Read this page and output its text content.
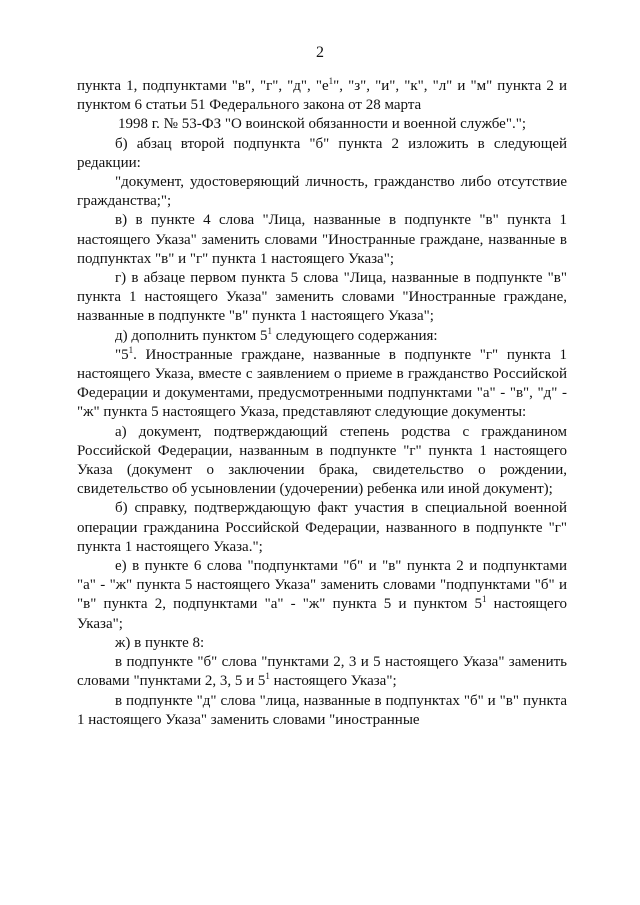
2

пункта 1, подпунктами "в", "г", "д", "$е^1$", "з", "и", "к", "л" и "м" пункта 2 и пунктом 6 статьи 51 Федерального закона от 28 марта

1998 г. № 53-ФЗ "О воинской обязанности и военной службе".";

б) абзац второй подпункта "б" пункта 2 изложить в следующей редакции:

"документ, удостоверяющий личность, гражданство либо отсутствие гражданства;";

в) в пункте 4 слова "Лица, названные в подпункте "в" пункта 1 настоящего Указа" заменить словами "Иностранные граждане, названные в подпунктах "в" и "г" пункта 1 настоящего Указа";

г) в абзаце первом пункта 5 слова "Лица, названные в подпункте "в" пункта 1 настоящего Указа" заменить словами "Иностранные граждане, названные в подпункте "в" пункта 1 настоящего Указа";

д) дополнить пунктом $5^1$ следующего содержания:

"$5^1$. Иностранные граждане, названные в подпункте "г" пункта 1 настоящего Указа, вместе с заявлением о приеме в гражданство Российской Федерации и документами, предусмотренными подпунктами "а" - "в", "д" - "ж" пункта 5 настоящего Указа, представляют следующие документы:

а) документ, подтверждающий степень родства с гражданином Российской Федерации, названным в подпункте "г" пункта 1 настоящего Указа (документ о заключении брака, свидетельство о рождении, свидетельство об усыновлении (удочерении) ребенка или иной документ);

б) справку, подтверждающую факт участия в специальной военной операции гражданина Российской Федерации, названного в подпункте "г" пункта 1 настоящего Указа.";

е) в пункте 6 слова "подпунктами "б" и "в" пункта 2 и подпунктами "а" - "ж" пункта 5 настоящего Указа" заменить словами "подпунктами "б" и "в" пункта 2, подпунктами "а" - "ж" пункта 5 и пунктом $5^1$ настоящего Указа";

ж) в пункте 8:

в подпункте "б" слова "пунктами 2, 3 и 5 настоящего Указа" заменить словами "пунктами 2, 3, 5 и $5^1$ настоящего Указа";

в подпункте "д" слова "лица, названные в подпунктах "б" и "в" пункта 1 настоящего Указа" заменить словами "иностранные
